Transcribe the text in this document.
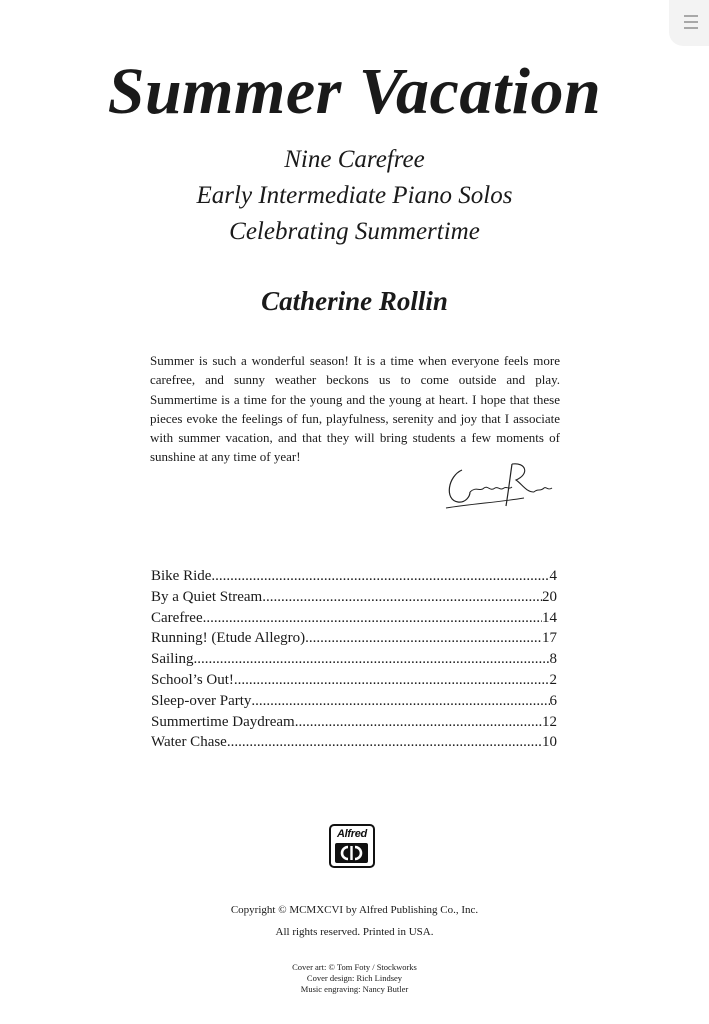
Summer Vacation
Nine Carefree
Early Intermediate Piano Solos
Celebrating Summertime
Catherine Rollin

Summer is such a wonderful season! It is a time when everyone feels more carefree, and sunny weather beckons us to come outside and play. Summertime is a time for the young and the young at heart. I hope that these pieces evoke the feelings of fun, playfulness, serenity and joy that I associate with summer vacation, and that they will bring students a few moments of sunshine at any time of year!

Bike Ride .....	4
By a Quiet Stream .....	20
Carefree .....	14
Running! (Etude Allegro) .....	17
Sailing .....	8
School’s Out! .....	2
Sleep-over Party .....	6
Summertime Daydream .....	12
Water Chase .....	10
Alfred
Copyright © MCMXCVI by Alfred Publishing Co., Inc.
All rights reserved. Printed in USA.
Cover art: © Tom Foty / Stockworks
Cover design: Rich Lindsey
Music engraving: Nancy Butler
